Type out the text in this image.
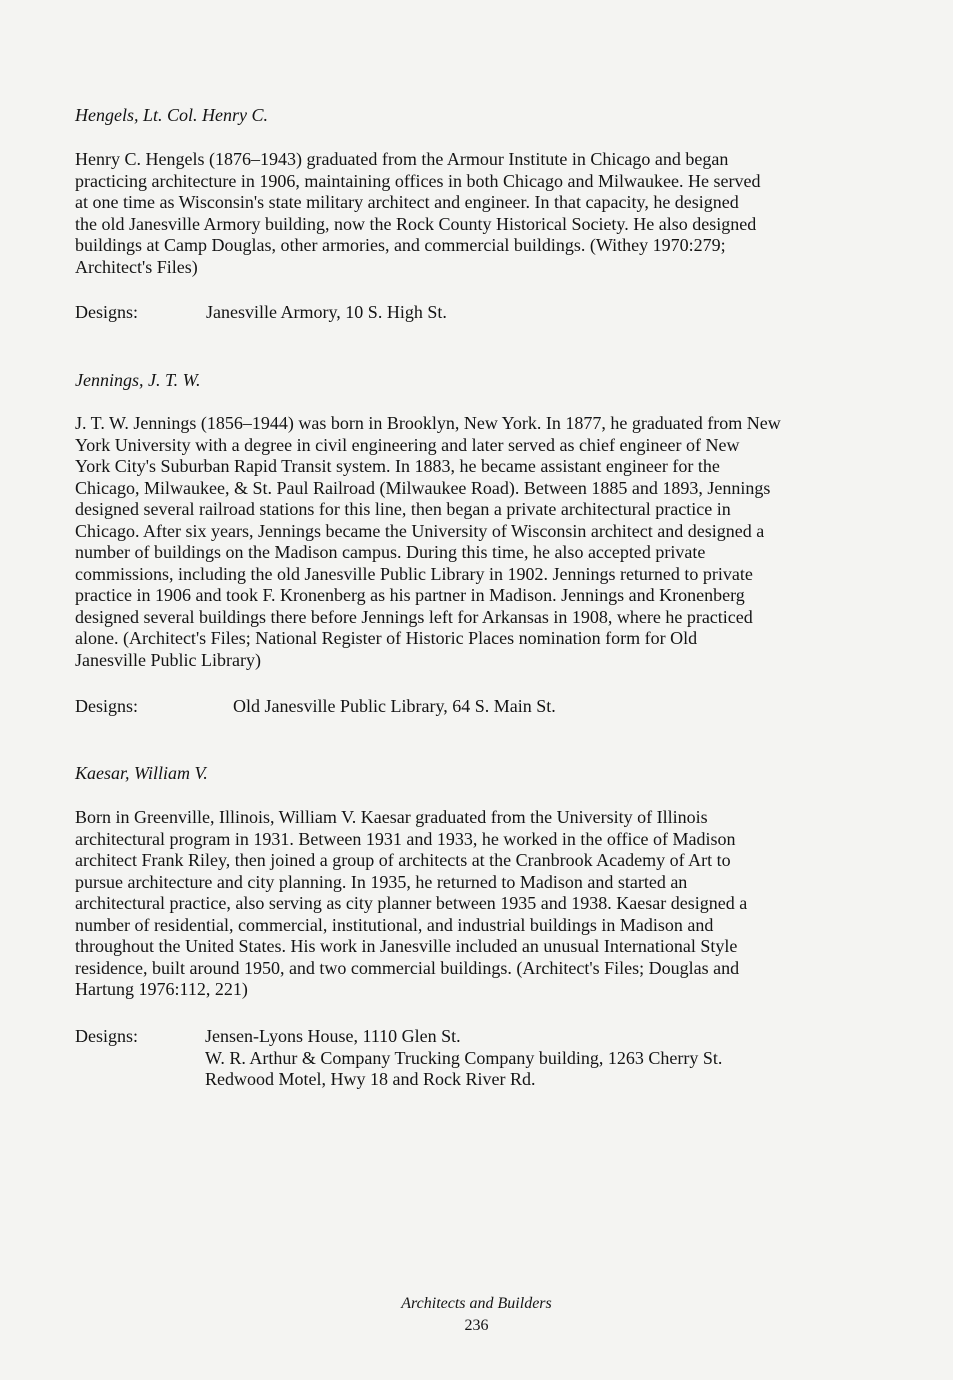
Hengels, Lt. Col. Henry C.
Henry C. Hengels (1876–1943) graduated from the Armour Institute in Chicago and began
practicing architecture in 1906, maintaining offices in both Chicago and Milwaukee. He served
at one time as Wisconsin's state military architect and engineer. In that capacity, he designed
the old Janesville Armory building, now the Rock County Historical Society. He also designed
buildings at Camp Douglas, other armories, and commercial buildings. (Withey 1970:279;
Architect's Files)
Designs:	Janesville Armory, 10 S. High St.
Jennings, J. T. W.
J. T. W. Jennings (1856–1944) was born in Brooklyn, New York. In 1877, he graduated from New
York University with a degree in civil engineering and later served as chief engineer of New
York City's Suburban Rapid Transit system. In 1883, he became assistant engineer for the
Chicago, Milwaukee, & St. Paul Railroad (Milwaukee Road). Between 1885 and 1893, Jennings
designed several railroad stations for this line, then began a private architectural practice in
Chicago. After six years, Jennings became the University of Wisconsin architect and designed a
number of buildings on the Madison campus. During this time, he also accepted private
commissions, including the old Janesville Public Library in 1902. Jennings returned to private
practice in 1906 and took F. Kronenberg as his partner in Madison. Jennings and Kronenberg
designed several buildings there before Jennings left for Arkansas in 1908, where he practiced
alone. (Architect's Files; National Register of Historic Places nomination form for Old
Janesville Public Library)
Designs:	Old Janesville Public Library, 64 S. Main St.
Kaesar, William V.
Born in Greenville, Illinois, William V. Kaesar graduated from the University of Illinois
architectural program in 1931. Between 1931 and 1933, he worked in the office of Madison
architect Frank Riley, then joined a group of architects at the Cranbrook Academy of Art to
pursue architecture and city planning. In 1935, he returned to Madison and started an
architectural practice, also serving as city planner between 1935 and 1938. Kaesar designed a
number of residential, commercial, institutional, and industrial buildings in Madison and
throughout the United States. His work in Janesville included an unusual International Style
residence, built around 1950, and two commercial buildings. (Architect's Files; Douglas and
Hartung 1976:112, 221)
Designs:	Jensen-Lyons House, 1110 Glen St.
W. R. Arthur & Company Trucking Company building, 1263 Cherry St.
Redwood Motel, Hwy 18 and Rock River Rd.
Architects and Builders
236
